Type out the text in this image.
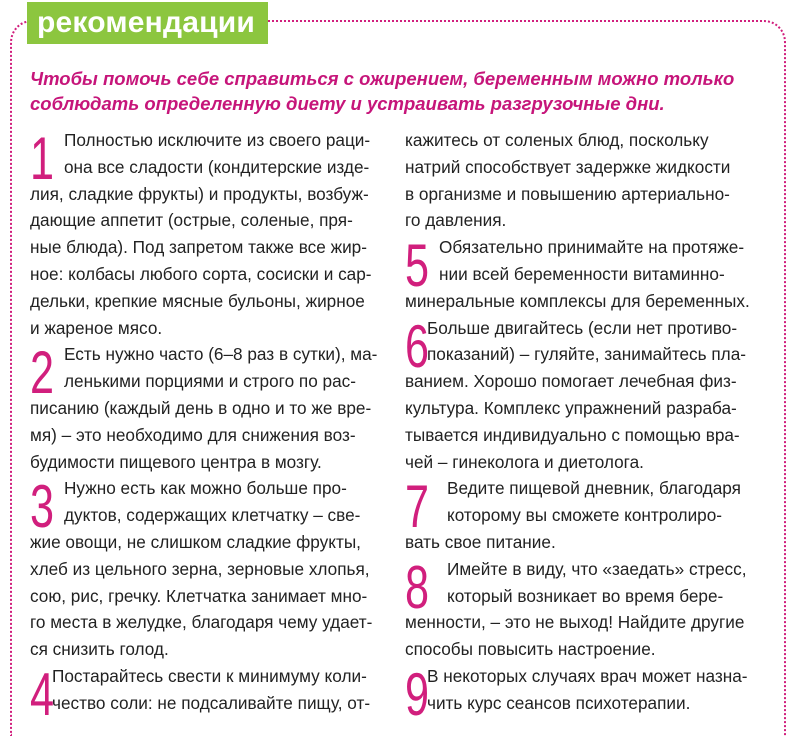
рекомендации
Чтобы помочь себе справиться с ожирением, беременным можно только
соблюдать определенную диету и устраивать разгрузочные дни.
1 Полностью исключите из своего раци-
она все сладости (кондитерские изде-
лия, сладкие фрукты) и продукты, возбуж-
дающие аппетит (острые, соленые, пря-
ные блюда). Под запретом также все жир-
ное: колбасы любого сорта, сосиски и сар-
дельки, крепкие мясные бульоны, жирное
и жареное мясо.
2 Есть нужно часто (6–8 раз в сутки), ма-
ленькими порциями и строго по рас-
писанию (каждый день в одно и то же вре-
мя) – это необходимо для снижения воз-
будимости пищевого центра в мозгу.
3 Нужно есть как можно больше про-
дуктов, содержащих клетчатку – све-
жие овощи, не слишком сладкие фрукты,
хлеб из цельного зерна, зерновые хлопья,
сою, рис, гречку. Клетчатка занимает мно-
го места в желудке, благодаря чему удает-
ся снизить голод.
4
Постарайтесь свести к минимуму коли-
чество соли: не подсаливайте пищу, от-
кажитесь от соленых блюд, поскольку
натрий способствует задержке жидкости
в организме и повышению артериально-
го давления.
5 Обязательно принимайте на протяже-
нии всей беременности витаминно-
минеральные комплексы для беременных.
6
Больше двигайтесь (если нет противо-
показаний) – гуляйте, занимайтесь пла-
ванием. Хорошо помогает лечебная физ-
культура. Комплекс упражнений разраба-
тывается индивидуально с помощью вра-
чей – гинеколога и диетолога.
7	Ведите пищевой дневник, благодаря
которому вы сможете контролиро-
вать свое питание.
8	Имейте в виду, что «заедать» стресс,
который возникает во время бере-
менности, – это не выход! Найдите другие
способы повысить настроение.
9
В некоторых случаях врач может назна-
чить курс сеансов психотерапии.
